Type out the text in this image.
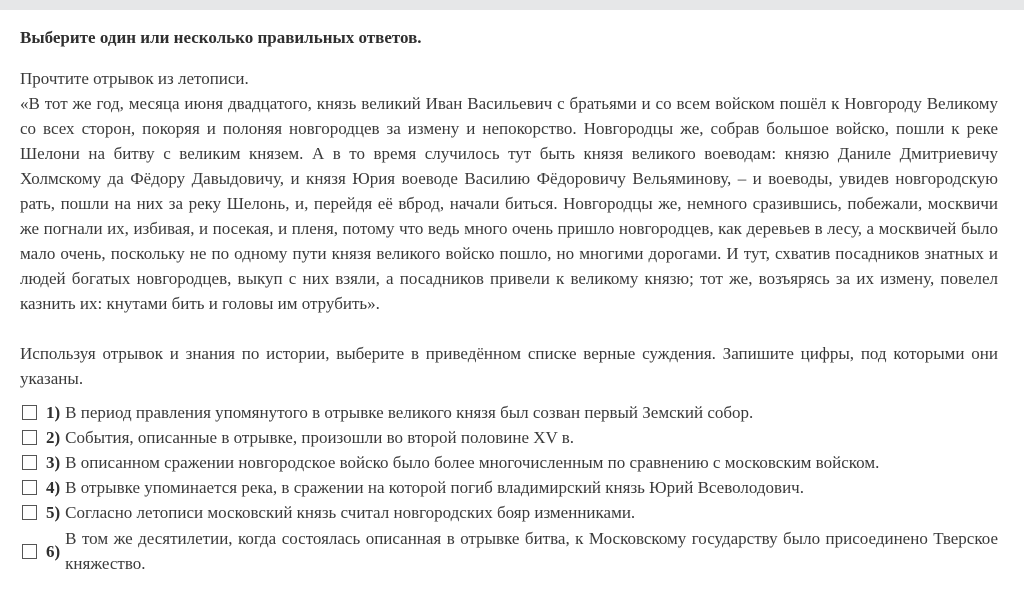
Выберите один или несколько правильных ответов.

Прочтите отрывок из летописи.

«В тот же год, месяца июня двадцатого, князь великий Иван Васильевич с братьями и со всем войском пошёл к Новгороду Великому со всех сторон, покоряя и полоняя новгородцев за измену и непокорство. Новгородцы же, собрав большое войско, пошли к реке Шелони на битву с великим князем. А в то время случилось тут быть князя великого воеводам: князю Даниле Дмитриевичу Холмскому да Фёдору Давыдовичу, и князя Юрия воеводе Василию Фёдоровичу Вельяминову, – и воеводы, увидев новгородскую рать, пошли на них за реку Шелонь, и, перейдя её вброд, начали биться. Новгородцы же, немного сразившись, побежали, москвичи же погнали их, избивая, и посекая, и пленя, потому что ведь много очень пришло новгородцев, как деревьев в лесу, а москвичей было мало очень, поскольку не по одному пути князя великого войско пошло, но многими дорогами. И тут, схватив посадников знатных и людей богатых новгородцев, выкуп с них взяли, а посадников привели к великому князю; тот же, возъярясь за их измену, повелел казнить их: кнутами бить и головы им отрубить».

Используя отрывок и знания по истории, выберите в приведённом списке верные суждения. Запишите цифры, под которыми они указаны.

1) В период правления упомянутого в отрывке великого князя был созван первый Земский собор.
2) События, описанные в отрывке, произошли во второй половине XV в.
3) В описанном сражении новгородское войско было более многочисленным по сравнению с московским войском.
4) В отрывке упоминается река, в сражении на которой погиб владимирский князь Юрий Всеволодович.
5) Согласно летописи московский князь считал новгородских бояр изменниками.
6)
В том же десятилетии, когда состоялась описанная в отрывке битва, к Московскому государству было присоединено Тверское княжество.
